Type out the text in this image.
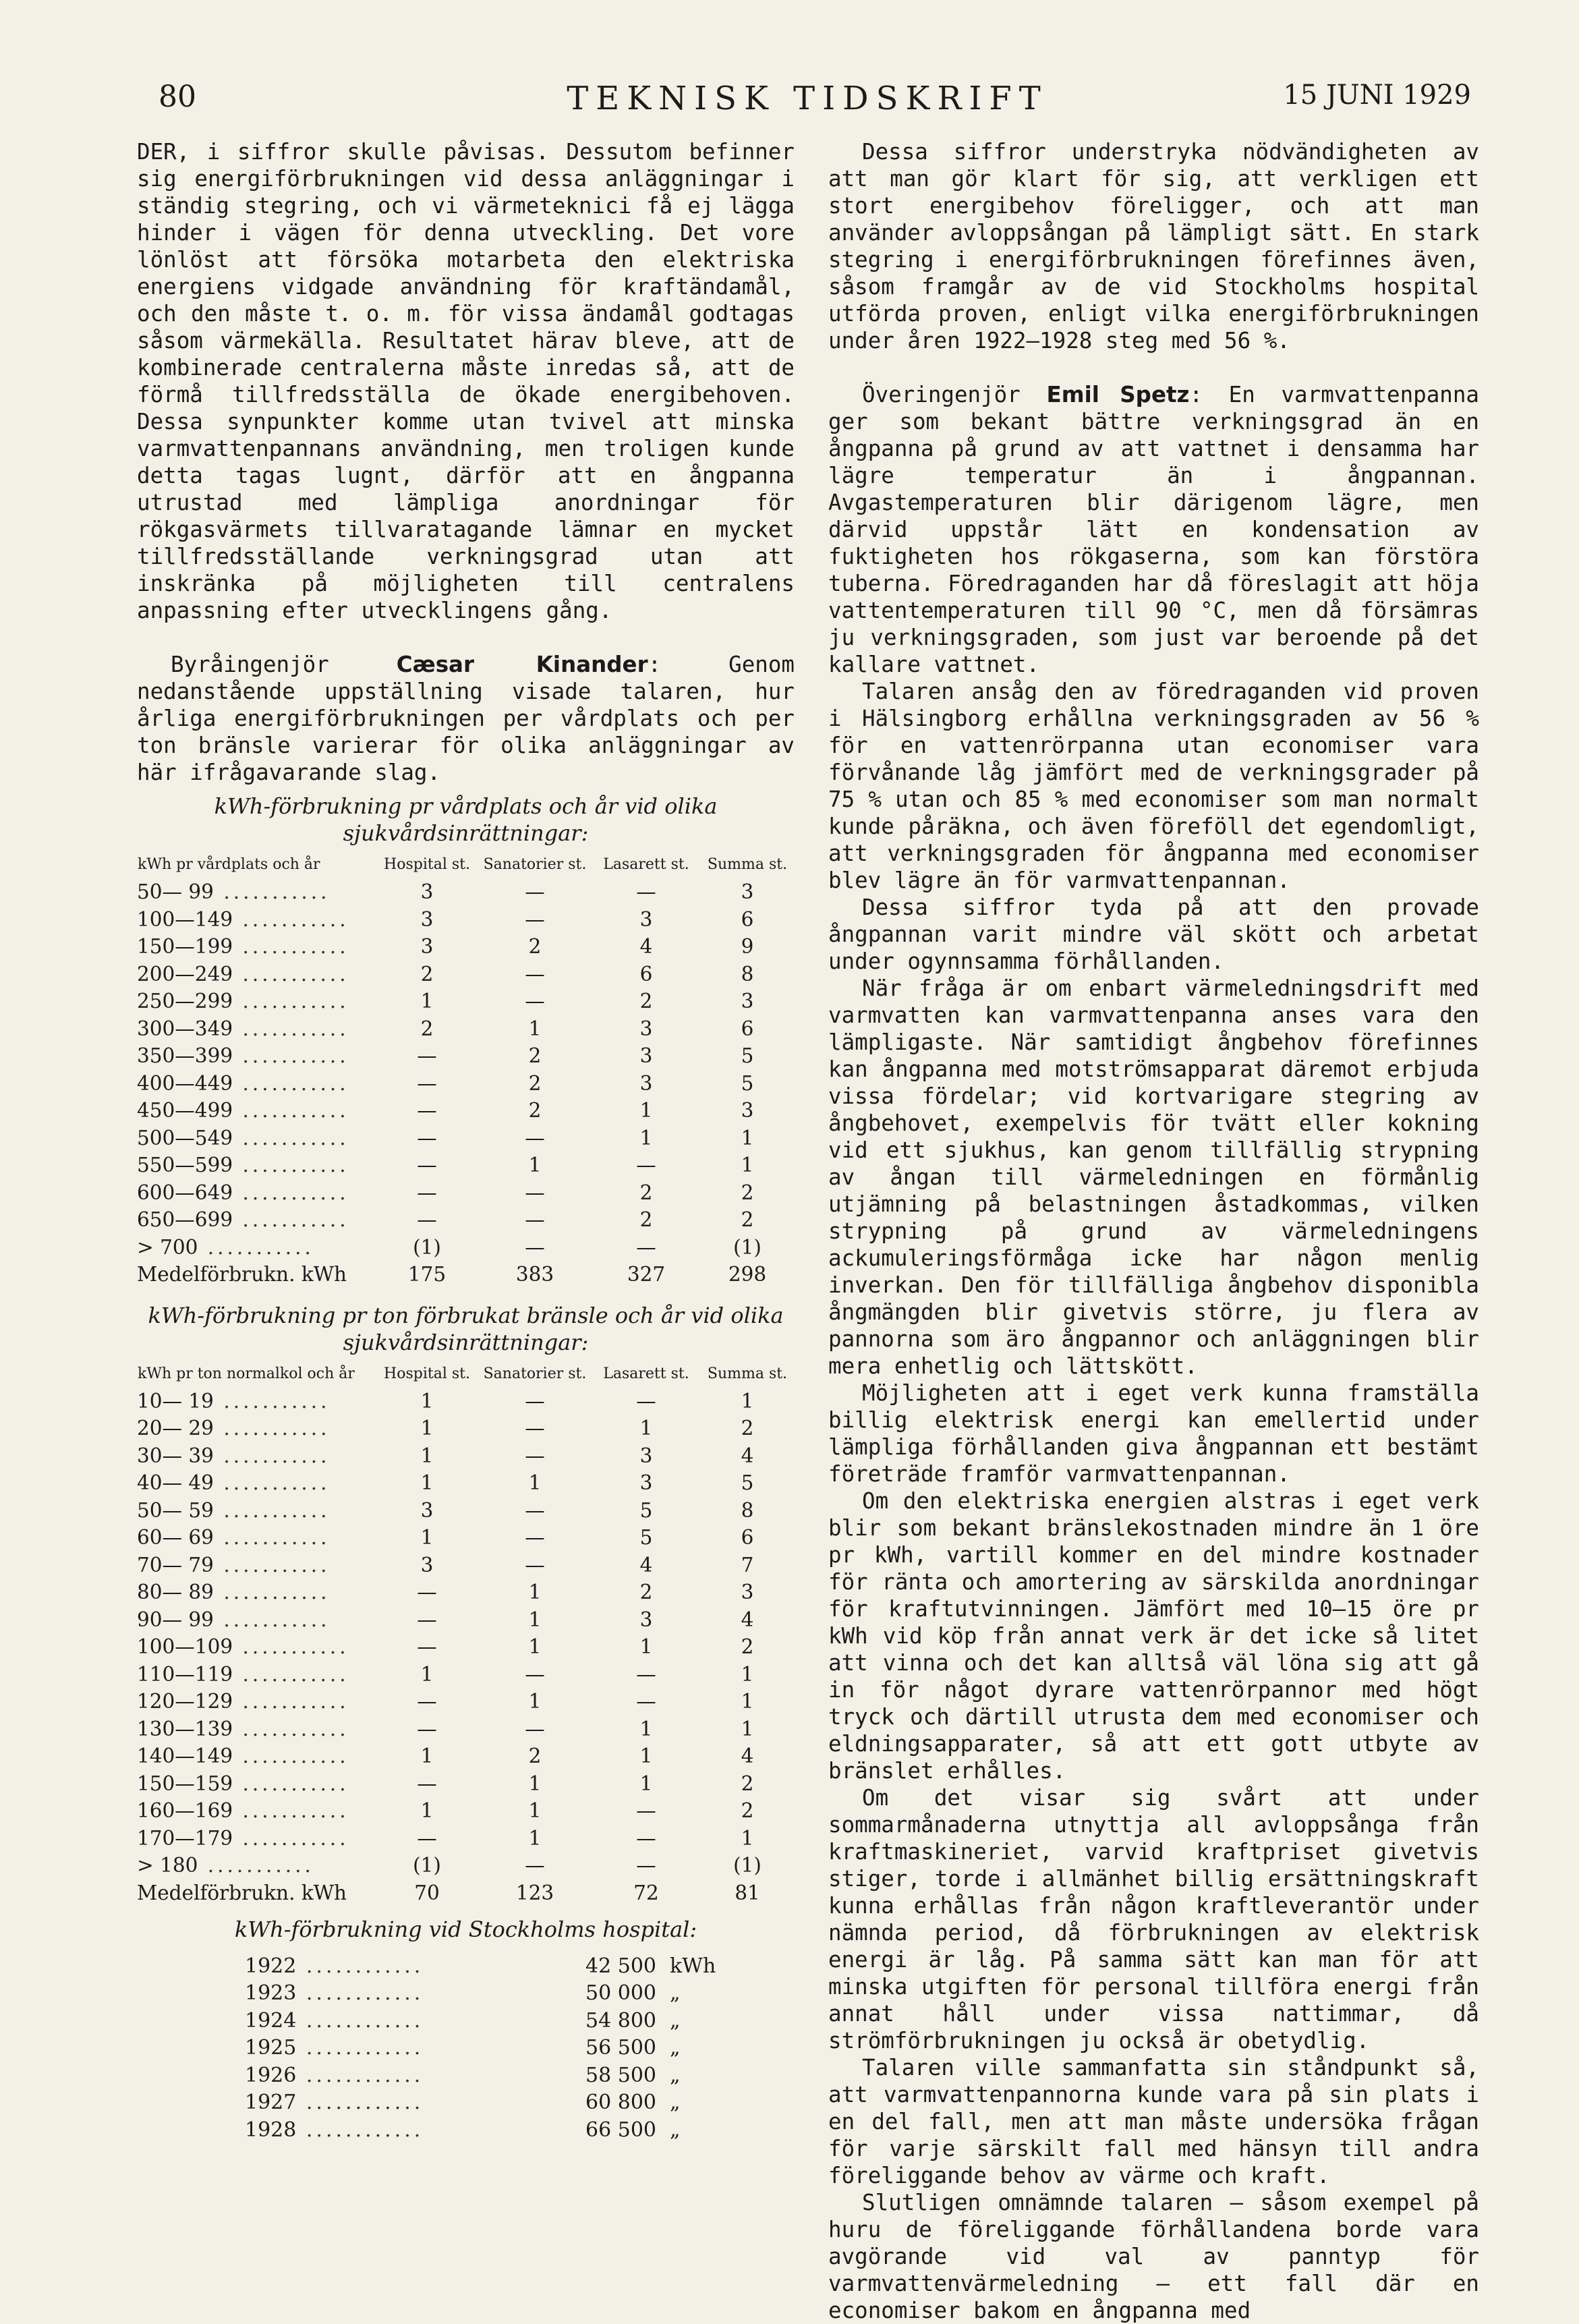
80	TEKNISK TIDSKRIFT	15 JUNI 1929

DER, i siffror skulle påvisas. Dessutom befinner sig energiförbrukningen vid dessa anläggningar i ständig stegring, och vi värmeteknici få ej lägga hinder i vägen för denna utveckling. Det vore lönlöst att försöka motarbeta den elektriska energiens vidgade användning för kraftändamål, och den måste t. o. m. för vissa ändamål godtagas såsom värmekälla. Resultatet härav bleve, att de kombinerade centralerna måste inredas så, att de förmå tillfredsställa de ökade energibehoven. Dessa synpunkter komme utan tvivel att minska varmvattenpannans användning, men troligen kunde detta tagas lugnt, därför att en ångpanna utrustad med lämpliga anordningar för rökgasvärmets tillvaratagande lämnar en mycket tillfredsställande verkningsgrad utan att inskränka på möjligheten till centralens anpassning efter utvecklingens gång.

Byråingenjör	Cæsar Kinander: Genom nedanstående uppställning visade talaren, hur årliga energiförbrukningen per vårdplats och per ton bränsle varierar för olika anläggningar av här ifrågavarande slag.

kWh-förbrukning pr vårdplats och år vid olika sjukvårdsinrättningar:
kWh pr vårdplats och år	Hospital st.	Sanatorier st.	Lasarett st.	Summa st.
50— 99 ...........	3	—	—	3
100—149 ...........	3	—	3	6
150—199 ...........	3	2	4	9
200—249 ...........	2	—	6	8
250—299 ...........	1	—	2	3
300—349 ...........	2	1	3	6
350—399 ...........	—	2	3	5
400—449 ...........	—	2	3	5
450—499 ...........	—	2	1	3
500—549 ...........	—	—	1	1
550—599 ...........	—	1	—	1
600—649 ...........	—	—	2	2
650—699 ...........	—	—	2	2
> 700 ...........	(1)	—	—	(1)
Medelförbrukn. kWh	175	383	327	298
kWh-förbrukning pr ton förbrukat bränsle och år vid olika sjukvårdsinrättningar:
kWh pr ton normalkol och år	Hospital st.	Sanatorier st.	Lasarett st.	Summa st.
10— 19 ...........	1	—	—	1
20— 29 ...........	1	—	1	2
30— 39 ...........	1	—	3	4
40— 49 ...........	1	1	3	5
50— 59 ...........	3	—	5	8
60— 69 ...........	1	—	5	6
70— 79 ...........	3	—	4	7
80— 89 ...........	—	1	2	3
90— 99 ...........	—	1	3	4
100—109 ...........	—	1	1	2
110—119 ...........	1	—	—	1
120—129 ...........	—	1	—	1
130—139 ...........	—	—	1	1
140—149 ...........	1	2	1	4
150—159 ...........	—	1	1	2
160—169 ...........	1	1	—	2
170—179 ...........	—	1	—	1
> 180 ...........	(1)	—	—	(1)
Medelförbrukn. kWh	70	123	72	81
kWh-förbrukning vid Stockholms hospital:
1922 ............	42 500	kWh
1923 ............	50 000	„
1924 ............	54 800	„
1925 ............	56 500	„
1926 ............	58 500	„
1927 ............	60 800	„
1928 ............	66 500	„

Dessa siffror understryka nödvändigheten av att man gör klart för sig, att verkligen ett stort energibehov föreligger, och att man använder avloppsångan på lämpligt sätt. En stark stegring i energiförbrukningen förefinnes även, såsom framgår av de vid Stockholms hospital utförda proven, enligt vilka energiförbrukningen under åren 1922—1928 steg med 56 %.

Överingenjör Emil Spetz: En varmvattenpanna ger som bekant bättre verkningsgrad än en ångpanna på grund av att vattnet i densamma har lägre temperatur än i ångpannan. Avgastemperaturen blir därigenom lägre, men därvid uppstår lätt en kondensation av fuktigheten hos rökgaserna, som kan förstöra tuberna. Föredraganden har då föreslagit att höja vattentemperaturen till 90 °C, men då försämras ju verkningsgraden, som just var beroende på det kallare vattnet.

Talaren ansåg den av föredraganden vid proven i Hälsingborg erhållna verkningsgraden av 56 % för en vattenrörpanna utan economiser vara förvånande låg jämfört med de verkningsgrader på 75 % utan och 85 % med economiser som man normalt kunde påräkna, och även föreföll det egendomligt, att verkningsgraden för ångpanna med economiser blev lägre än för varmvattenpannan.

Dessa siffror tyda på att den provade ångpannan varit mindre väl skött och arbetat under ogynnsamma förhållanden.

När fråga är om enbart värmeledningsdrift med varmvatten kan varmvattenpanna anses vara den lämpligaste. När samtidigt ångbehov förefinnes kan ångpanna med motströmsapparat däremot erbjuda vissa fördelar; vid kortvarigare stegring av ångbehovet, exempelvis för tvätt eller kokning vid ett sjukhus, kan genom tillfällig strypning av ångan till värmeledningen en förmånlig utjämning på belastningen åstadkommas, vilken strypning på grund av värmeledningens ackumuleringsförmåga icke har någon menlig inverkan. Den för tillfälliga ångbehov disponibla ångmängden blir givetvis större, ju flera av pannorna som äro ångpannor och anläggningen blir mera enhetlig och lättskött.

Möjligheten att i eget verk kunna framställa billig elektrisk energi kan emellertid under lämpliga förhållanden giva ångpannan ett bestämt företräde framför varmvattenpannan.

Om den elektriska energien alstras i eget verk blir som bekant bränslekostnaden mindre än 1 öre pr kWh, vartill kommer en del mindre kostnader för ränta och amortering av särskilda anordningar för kraftutvinningen. Jämfört med 10—15 öre pr kWh vid köp från annat verk är det icke så litet att vinna och det kan alltså väl löna sig att gå in för något dyrare vattenrörpannor med högt tryck och därtill utrusta dem med economiser och eldningsapparater, så att ett gott utbyte av bränslet erhålles.

Om det visar sig svårt att under sommarmånaderna utnyttja all avloppsånga från kraftmaskineriet, varvid kraftpriset givetvis stiger, torde i allmänhet billig ersättningskraft kunna erhållas från någon kraftleverantör under nämnda period, då förbrukningen av elektrisk energi är låg. På samma sätt kan man för att minska utgiften för personal tillföra energi från annat håll under vissa nattimmar, då strömförbrukningen ju också är obetydlig.

Talaren ville sammanfatta sin ståndpunkt så, att varmvattenpannorna kunde vara på sin plats i en del fall, men att man måste undersöka frågan för varje särskilt fall med hänsyn till andra föreliggande behov av värme och kraft.

Slutligen omnämnde talaren — såsom exempel på huru de föreliggande förhållandena borde vara avgörande vid val av panntyp för varmvattenvärmeledning — ett fall där en economiser bakom en ångpanna med
